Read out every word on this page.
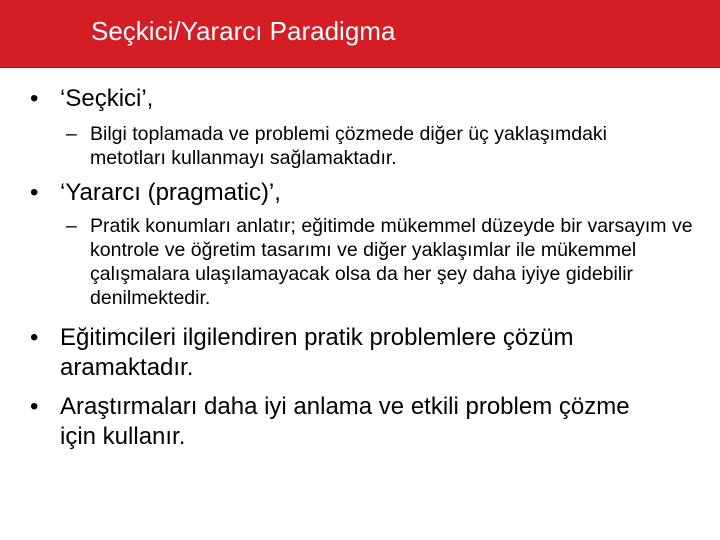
Seçkici/Yararcı Paradigma
• ‘Seçkici’,
– Bilgi toplamada ve problemi çözmede diğer üç yaklaşımdaki metotları kullanmayı sağlamaktadır.
• ‘Yararcı (pragmatic)’,
– Pratik konumları anlatır; eğitimde mükemmel düzeyde bir varsayım ve kontrole ve öğretim tasarımı ve diğer yaklaşımlar ile mükemmel çalışmalara ulaşılamayacak olsa da her şey daha iyiye gidebilir denilmektedir.
• Eğitimcileri ilgilendiren pratik problemlere çözüm aramaktadır.
• Araştırmaları daha iyi anlama ve etkili problem çözme için kullanır.
